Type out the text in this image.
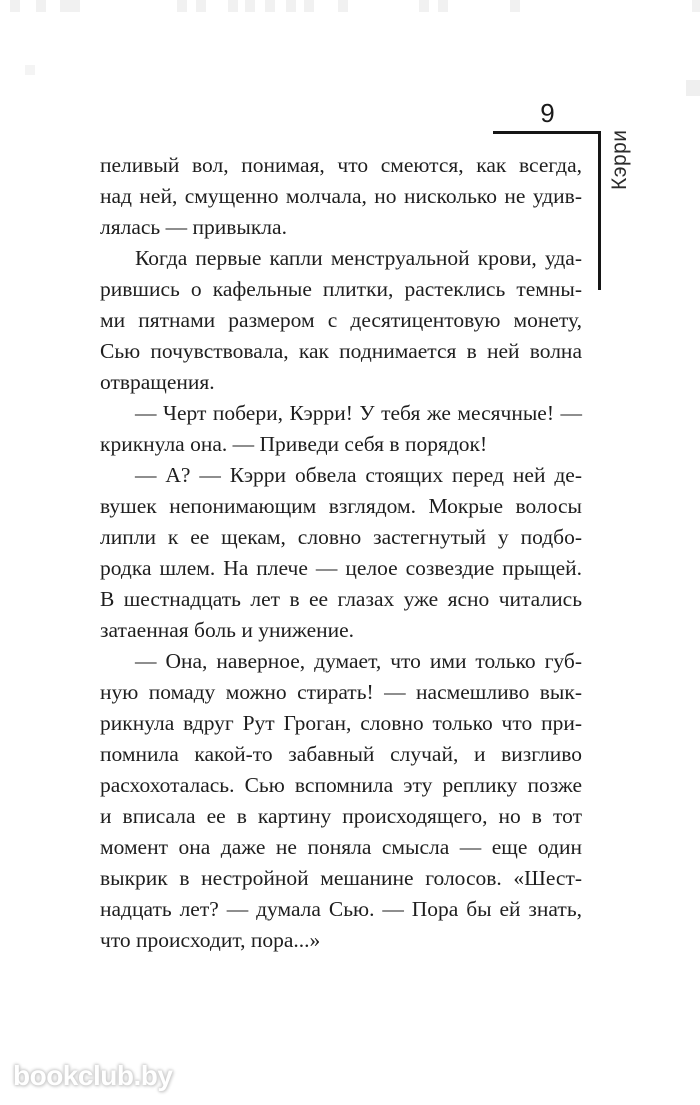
9
Кэрри
пеливый вол, понимая, что смеются, как всегда,
над ней, смущенно молчала, но нисколько не удив-
лялась — привыкла.
Когда первые капли менструальной крови, уда-
рившись о кафельные плитки, растеклись темны-
ми пятнами размером с десятицентовую монету,
Сью почувствовала, как поднимается в ней волна
отвращения.
— Черт побери, Кэрри! У тебя же месячные! —
крикнула она. — Приведи себя в порядок!
— А? — Кэрри обвела стоящих перед ней де-
вушек непонимающим взглядом. Мокрые волосы
липли к ее щекам, словно застегнутый у подбо-
родка шлем. На плече — целое созвездие прыщей.
В шестнадцать лет в ее глазах уже ясно читались
затаенная боль и унижение.
— Она, наверное, думает, что ими только губ-
ную помаду можно стирать! — насмешливо вык-
рикнула вдруг Рут Гроган, словно только что при-
помнила какой-то забавный случай, и визгливо
расхохоталась. Сью вспомнила эту реплику позже
и вписала ее в картину происходящего, но в тот
момент она даже не поняла смысла — еще один
выкрик в нестройной мешанине голосов. «Шест-
надцать лет? — думала Сью. — Пора бы ей знать,
что происходит, пора...»
bookclub.by
